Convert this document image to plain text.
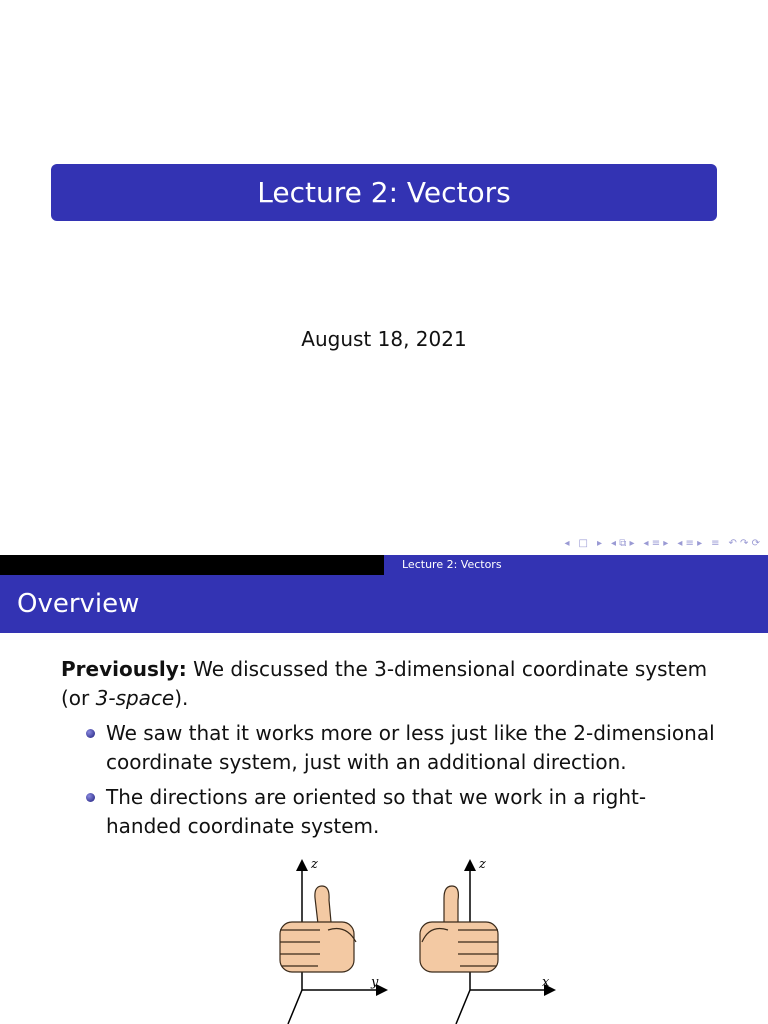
Lecture 2: Vectors
August 18, 2021
◂ □ ▸ ◂ ⧉ ▸ ◂ ≡ ▸ ◂ ≡ ▸ ≡ ↶ ↷ ⟳
Lecture 2: Vectors
Overview
Previously: We discussed the 3-dimensional coordinate system (or 3-space).
We saw that it works more or less just like the 2-dimensional coordinate system, just with an additional direction.
The directions are oriented so that we work in a right-handed coordinate system.
z
y
z
x
